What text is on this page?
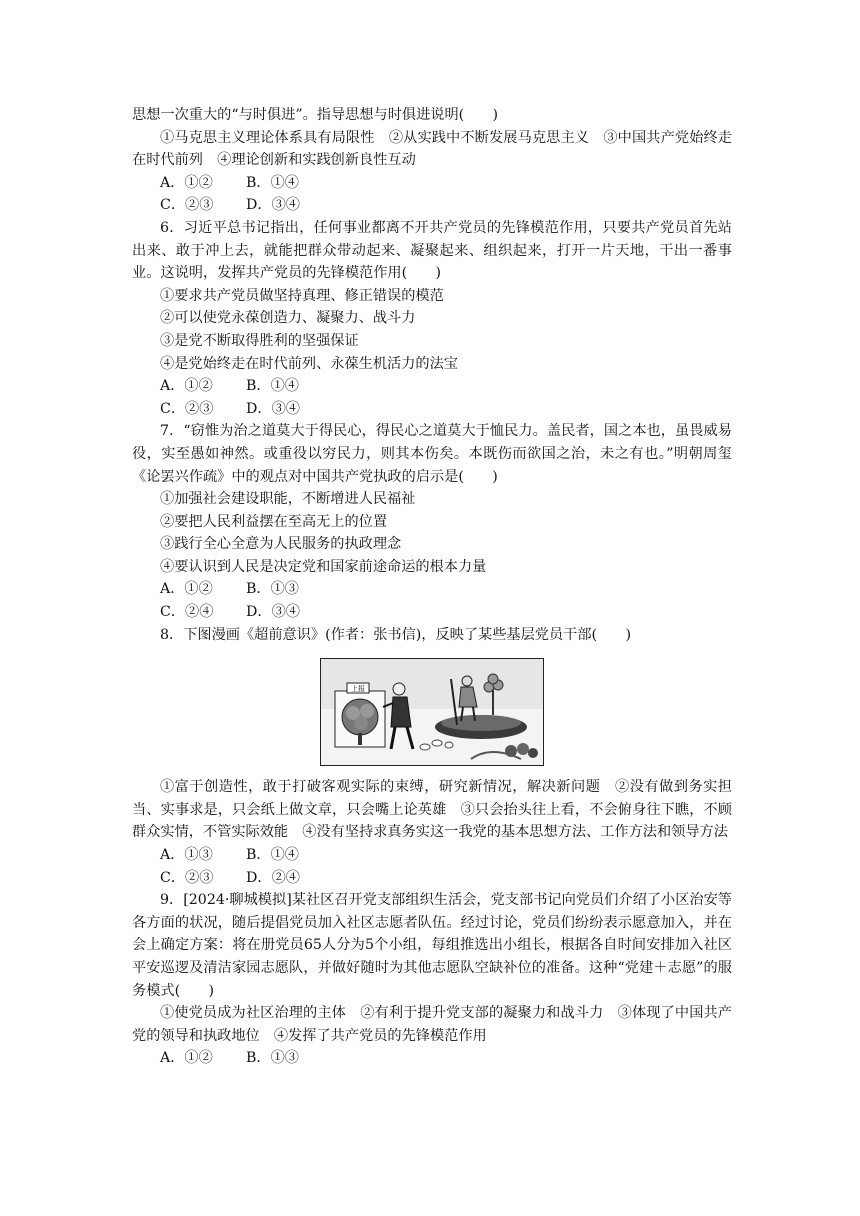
思想一次重大的“与时俱进”。指导思想与时俱进说明(　　)

①马克思主义理论体系具有局限性　②从实践中不断发展马克思主义　③中国共产党始终走在时代前列　④理论创新和实践创新良性互动

A．①②	B．①④
C．②③	D．③④

6．习近平总书记指出，任何事业都离不开共产党员的先锋模范作用，只要共产党员首先站出来、敢于冲上去，就能把群众带动起来、凝聚起来、组织起来，打开一片天地，干出一番事业。这说明，发挥共产党员的先锋模范作用(　　)

①要求共产党员做坚持真理、修正错误的模范

②可以使党永葆创造力、凝聚力、战斗力

③是党不断取得胜利的坚强保证

④是党始终走在时代前列、永葆生机活力的法宝

A．①②	B．①④
C．②③	D．③④

7．“窃惟为治之道莫大于得民心，得民心之道莫大于恤民力。盖民者，国之本也，虽畏威易役，实至愚如神然。或重役以穷民力，则其本伤矣。本既伤而欲国之治，未之有也。”明朝周玺《论罢兴作疏》中的观点对中国共产党执政的启示是(　　)

①加强社会建设职能，不断增进人民福祉

②要把人民利益摆在至高无上的位置

③践行全心全意为人民服务的执政理念

④要认识到人民是决定党和国家前途命运的根本力量

A．①②	B．①③
C．②④	D．③④

8．下图漫画《超前意识》(作者：张书信)，反映了某些基层党员干部(　　)

上报

①富于创造性，敢于打破客观实际的束缚，研究新情况，解决新问题　②没有做到务实担当、实事求是，只会纸上做文章，只会嘴上论英雄　③只会抬头往上看，不会俯身往下瞧，不顾群众实情，不管实际效能　④没有坚持求真务实这一我党的基本思想方法、工作方法和领导方法

A．①③	B．①④
C．②③	D．②④

9．[2024·聊城模拟]某社区召开党支部组织生活会，党支部书记向党员们介绍了小区治安等各方面的状况，随后提倡党员加入社区志愿者队伍。经过讨论，党员们纷纷表示愿意加入，并在会上确定方案：将在册党员65人分为5个小组，每组推选出小组长，根据各自时间安排加入社区平安巡逻及清洁家园志愿队，并做好随时为其他志愿队空缺补位的准备。这种“党建＋志愿”的服务模式(　　)

①使党员成为社区治理的主体　②有利于提升党支部的凝聚力和战斗力　③体现了中国共产党的领导和执政地位　④发挥了共产党员的先锋模范作用

A．①②	B．①③
